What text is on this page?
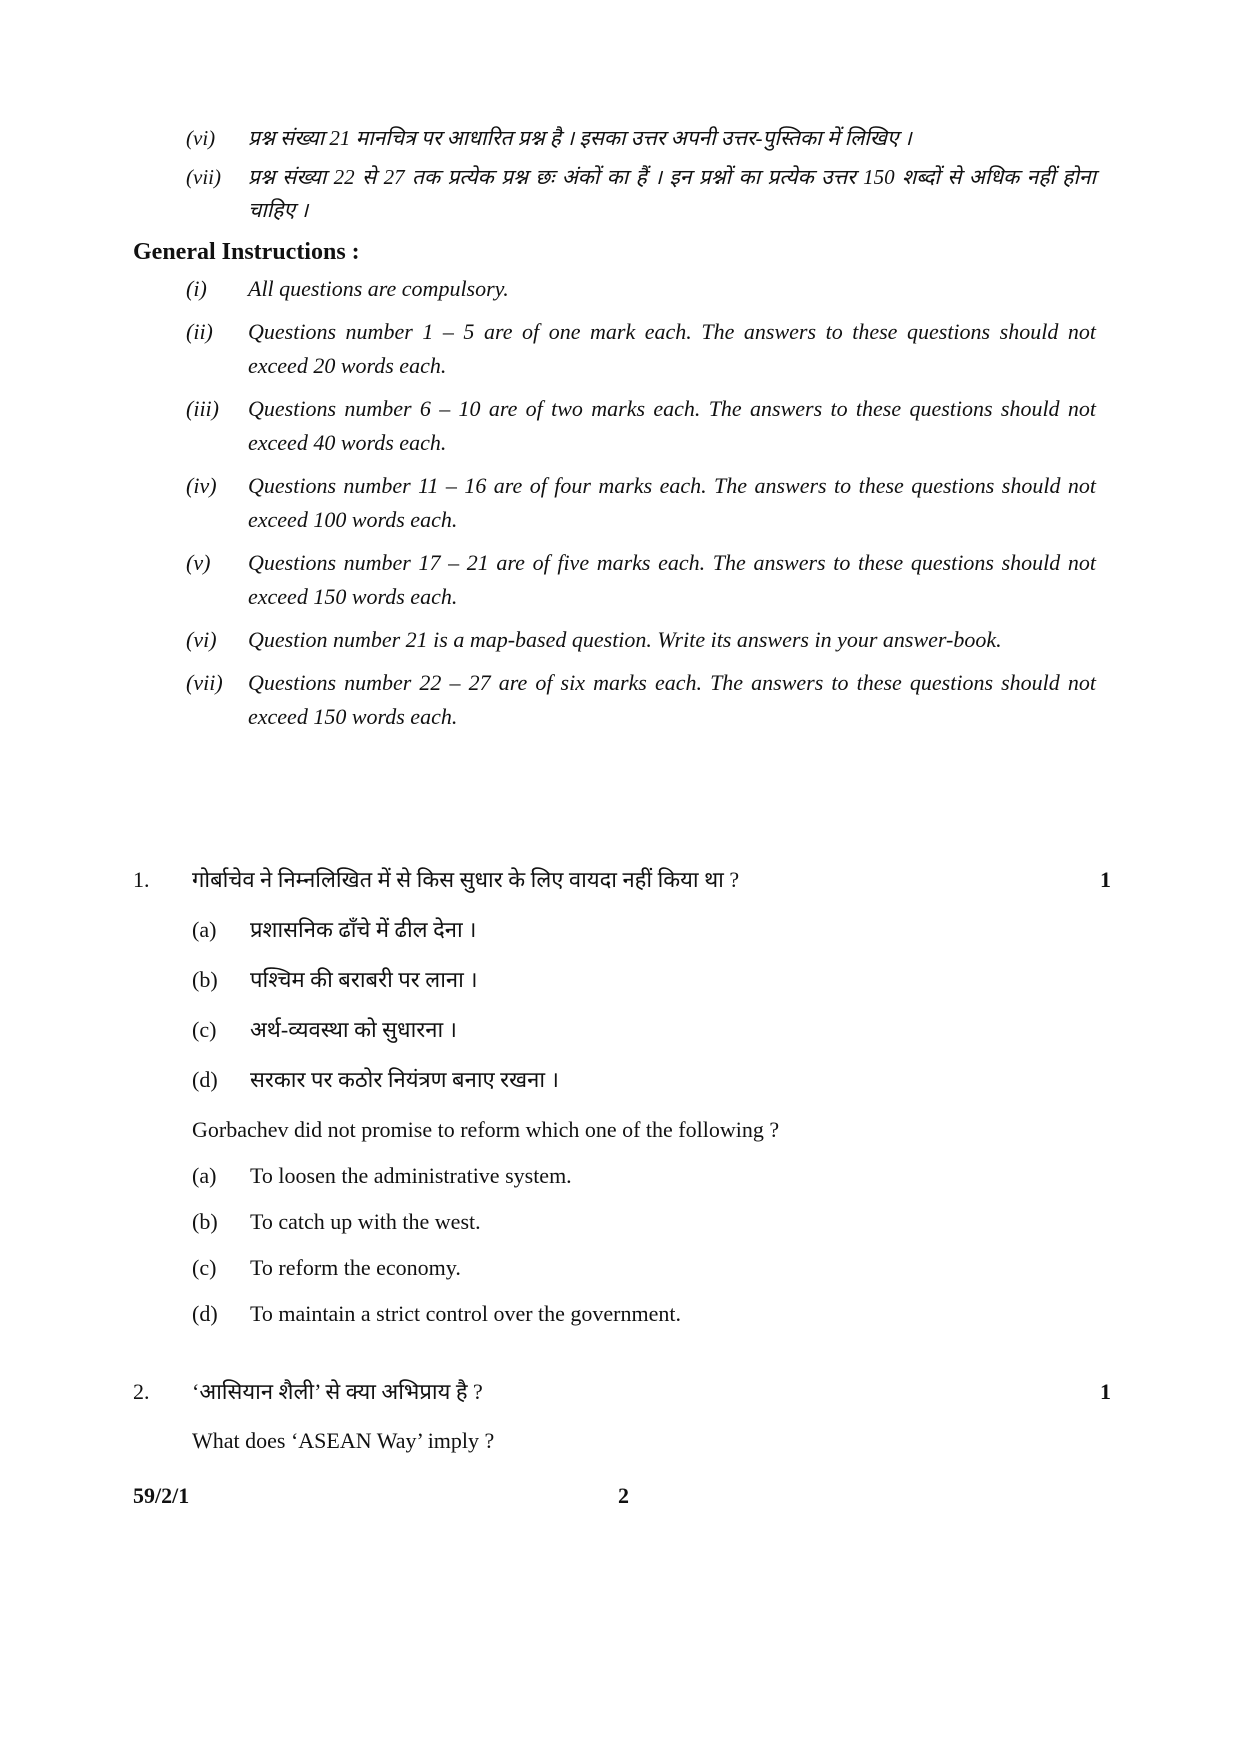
(vi)	प्रश्न संख्या 21 मानचित्र पर आधारित प्रश्न है । इसका उत्तर अपनी उत्तर-पुस्तिका में लिखिए ।
(vii)	प्रश्न संख्या 22 से 27 तक प्रत्येक प्रश्न छः अंकों का हैं । इन प्रश्नों का प्रत्येक उत्तर 150 शब्दों से अधिक नहीं होना चाहिए ।
General Instructions :
(i)	All questions are compulsory.
(ii)	Questions number 1 – 5 are of one mark each. The answers to these questions should not exceed 20 words each.
(iii)	Questions number 6 – 10 are of two marks each. The answers to these questions should not exceed 40 words each.
(iv)	Questions number 11 – 16 are of four marks each. The answers to these questions should not exceed 100 words each.
(v)	Questions number 17 – 21 are of five marks each. The answers to these questions should not exceed 150 words each.
(vi)	Question number 21 is a map-based question. Write its answers in your answer-book.
(vii)	Questions number 22 – 27 are of six marks each. The answers to these questions should not exceed 150 words each.
1.	गोर्बाचेव ने निम्नलिखित में से किस सुधार के लिए वायदा नहीं किया था ?	1
(a)	प्रशासनिक ढाँचे में ढील देना ।
(b)	पश्चिम की बराबरी पर लाना ।
(c)	अर्थ-व्यवस्था को सुधारना ।
(d)	सरकार पर कठोर नियंत्रण बनाए रखना ।
Gorbachev did not promise to reform which one of the following ?
(a)	To loosen the administrative system.
(b)	To catch up with the west.
(c)	To reform the economy.
(d)	To maintain a strict control over the government.
2.	‘आसियान शैली’ से क्या अभिप्राय है ?	1
What does ‘ASEAN Way’ imply ?
59/2/1	2
